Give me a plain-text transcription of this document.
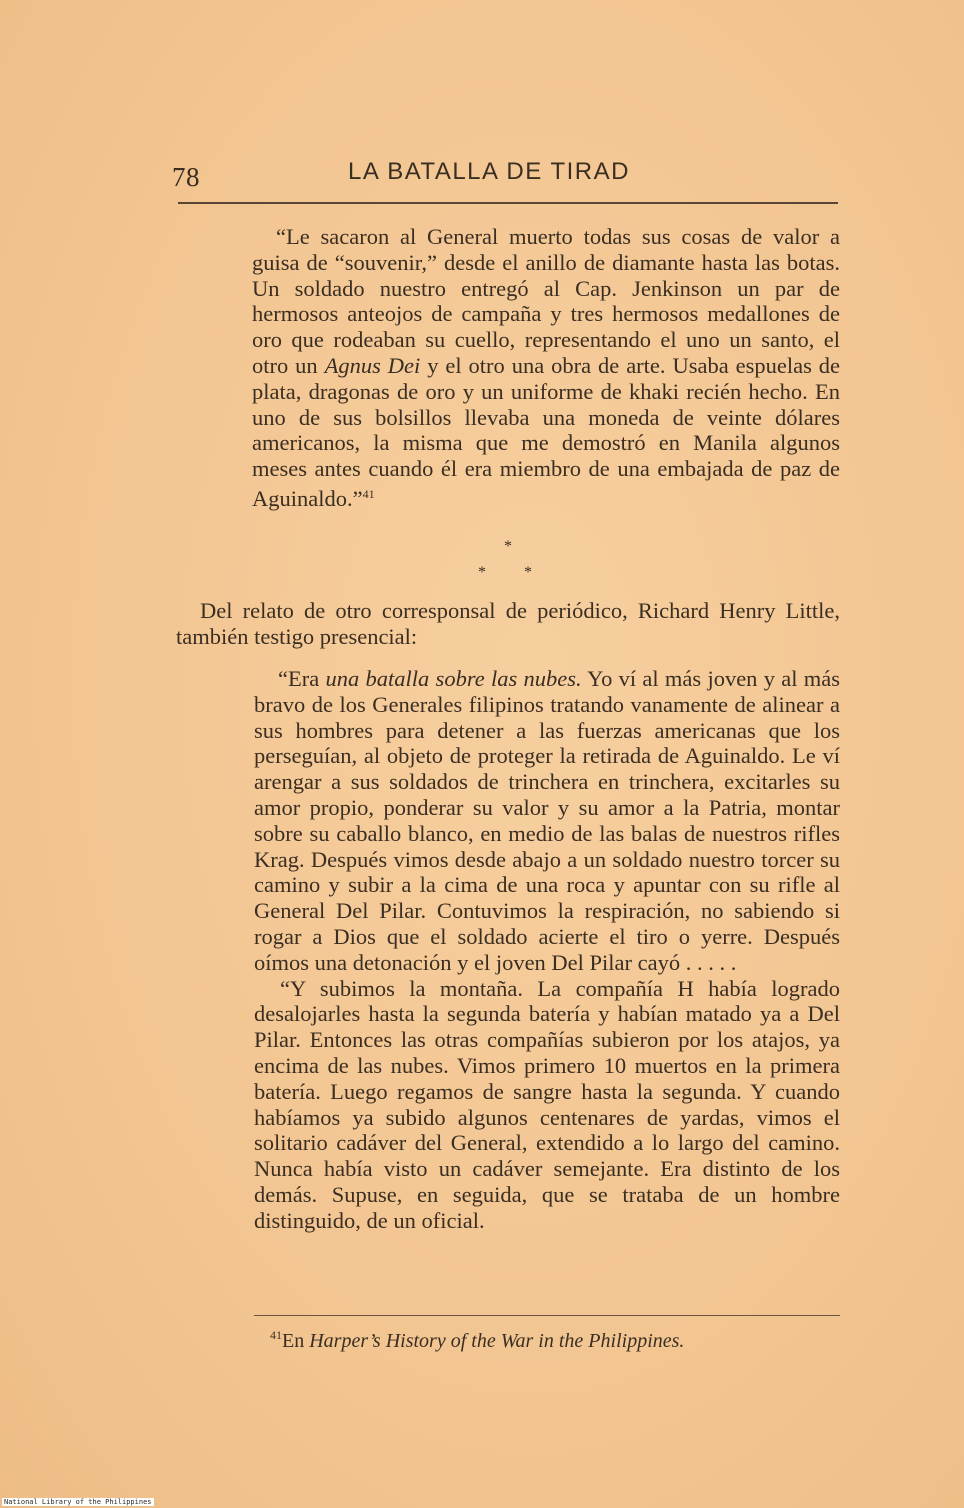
78	LA BATALLA DE TIRAD

“Le sacaron al General muerto todas sus cosas de valor a guisa de “souvenir,” desde el anillo de diamante hasta las botas. Un soldado nuestro entregó al Cap. Jenkinson un par de hermosos anteojos de campaña y tres hermosos medallones de oro que rodeaban su cuello, representando el uno un santo, el otro un Agnus Dei y el otro una obra de arte. Usaba espuelas de plata, dragonas de oro y un uniforme de khaki recién hecho. En uno de sus bolsillos llevaba una moneda de veinte dólares americanos, la misma que me demostró en Manila algunos meses antes cuando él era miembro de una embajada de paz de Aguinaldo.”$^{41}$

*
* *

Del relato de otro corresponsal de periódico, Richard Henry Little, también testigo presencial:

“Era una batalla sobre las nubes. Yo ví al más joven y al más bravo de los Generales filipinos tratando vanamente de alinear a sus hombres para detener a las fuerzas americanas que los perseguían, al objeto de proteger la retirada de Aguinaldo. Le ví arengar a sus soldados de trinchera en trinchera, excitarles su amor propio, ponderar su valor y su amor a la Patria, montar sobre su caballo blanco, en medio de las balas de nuestros rifles Krag. Después vimos desde abajo a un soldado nuestro torcer su camino y subir a la cima de una roca y apuntar con su rifle al General Del Pilar. Contuvimos la respiración, no sabiendo si rogar a Dios que el soldado acierte el tiro o yerre. Después oímos una detonación y el joven Del Pilar cayó . . . . .

“Y subimos la montaña. La compañía H había logrado desalojarles hasta la segunda batería y habían matado ya a Del Pilar. Entonces las otras compañías subieron por los atajos, ya encima de las nubes. Vimos primero 10 muertos en la primera batería. Luego regamos de sangre hasta la segunda. Y cuando habíamos ya subido algunos centenares de yardas, vimos el solitario cadáver del General, extendido a lo largo del camino. Nunca había visto un cadáver semejante. Era distinto de los demás. Supuse, en seguida, que se trataba de un hombre distinguido, de un oficial.

$^{41}$En Harper’s History of the War in the Philippines.
National Library of the Philippines
